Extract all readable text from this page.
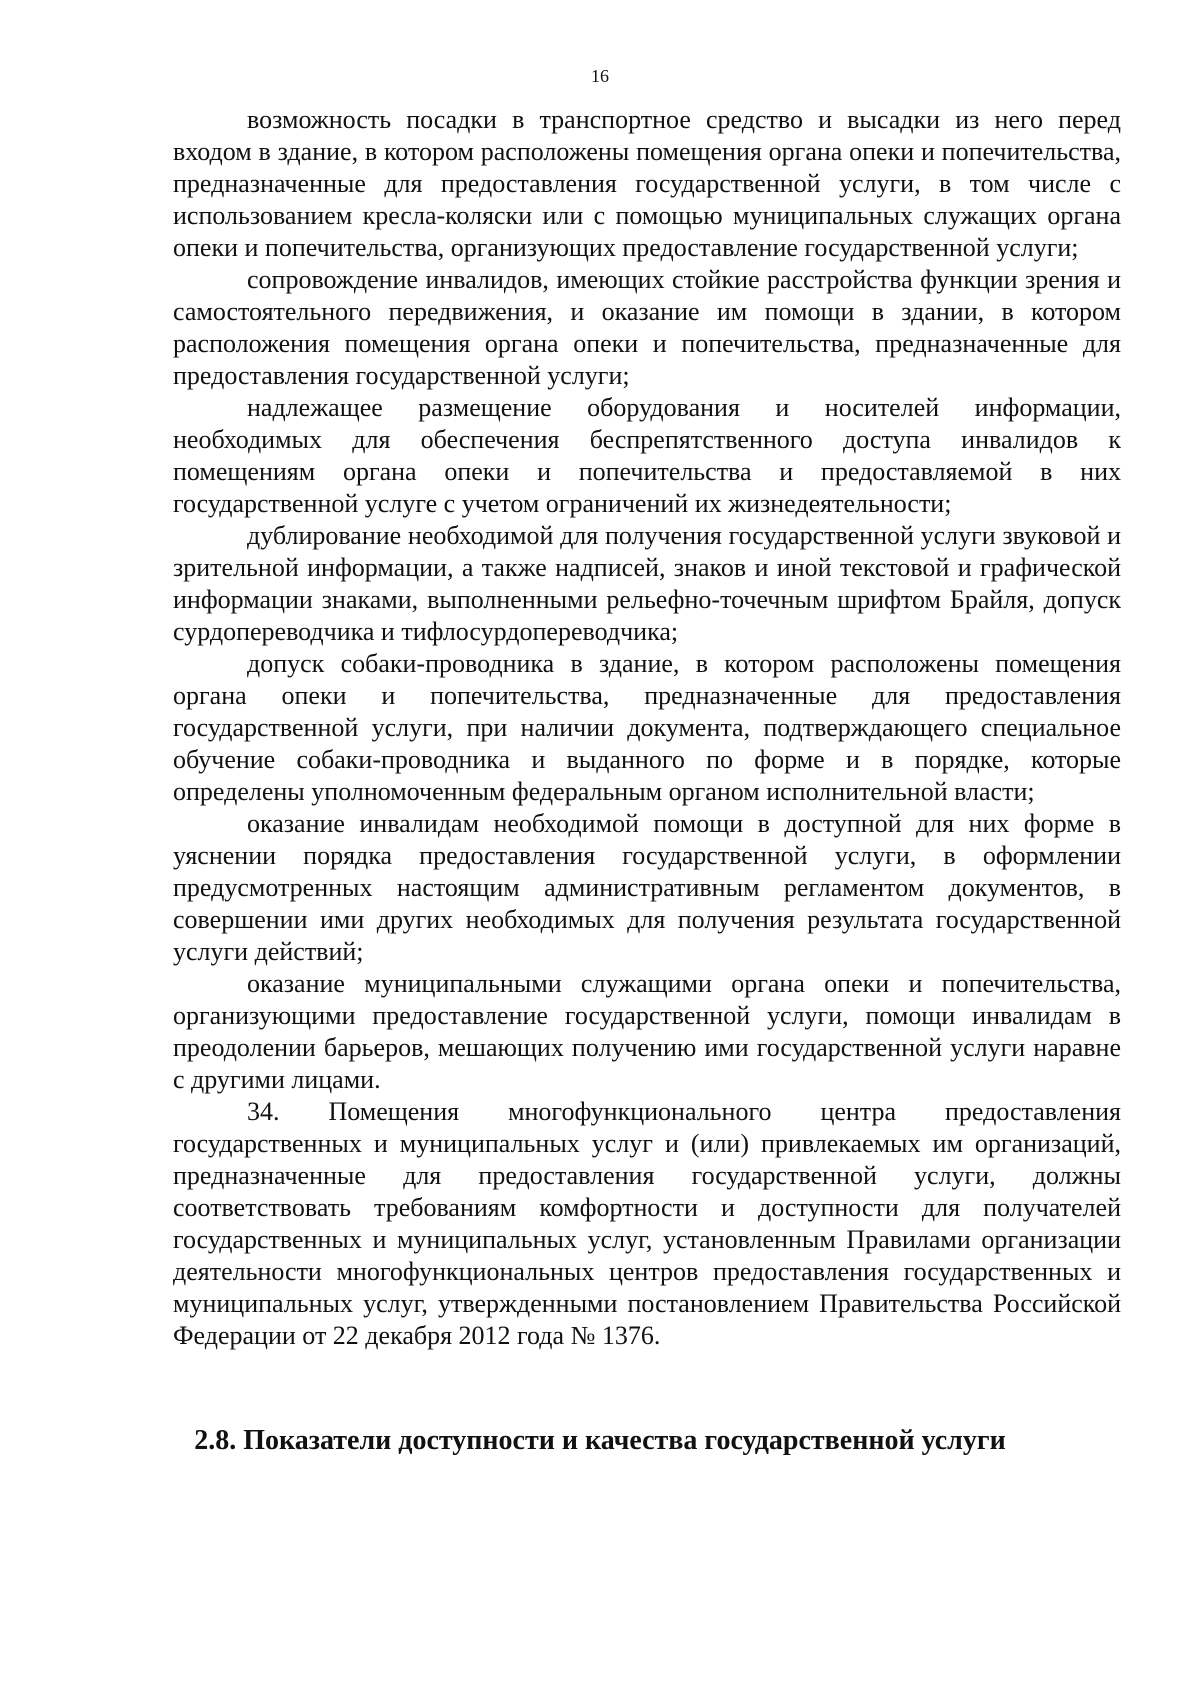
16

возможность посадки в транспортное средство и высадки из него перед входом в здание, в котором расположены помещения органа опеки и попечительства, предназначенные для предоставления государственной услуги, в том числе с использованием кресла-коляски или с помощью муниципальных служащих органа опеки и попечительства, организующих предоставление государственной услуги;

сопровождение инвалидов, имеющих стойкие расстройства функции зрения и самостоятельного передвижения, и оказание им помощи в здании, в котором расположения помещения органа опеки и попечительства, предназначенные для предоставления государственной услуги;

надлежащее размещение оборудования и носителей информации, необходимых для обеспечения беспрепятственного доступа инвалидов к помещениям органа опеки и попечительства и предоставляемой в них государственной услуге с учетом ограничений их жизнедеятельности;

дублирование необходимой для получения государственной услуги звуковой и зрительной информации, а также надписей, знаков и иной текстовой и графической информации знаками, выполненными рельефно-точечным шрифтом Брайля, допуск сурдопереводчика и тифлосурдопереводчика;

допуск собаки-проводника в здание, в котором расположены помещения органа опеки и попечительства, предназначенные для предоставления государственной услуги, при наличии документа, подтверждающего специальное обучение собаки-проводника и выданного по форме и в порядке, которые определены уполномоченным федеральным органом исполнительной власти;

оказание инвалидам необходимой помощи в доступной для них форме в уяснении порядка предоставления государственной услуги, в оформлении предусмотренных настоящим административным регламентом документов, в совершении ими других необходимых для получения результата государственной услуги действий;

оказание муниципальными служащими органа опеки и попечительства, организующими предоставление государственной услуги, помощи инвалидам в преодолении барьеров, мешающих получению ими государственной услуги наравне с другими лицами.

34. Помещения многофункционального центра предоставления государственных и муниципальных услуг и (или) привлекаемых им организаций, предназначенные для предоставления государственной услуги, должны соответствовать требованиям комфортности и доступности для получателей государственных и муниципальных услуг, установленным Правилами организации деятельности многофункциональных центров предоставления государственных и муниципальных услуг, утвержденными постановлением Правительства Российской Федерации от 22 декабря 2012 года № 1376.

2.8. Показатели доступности и качества государственной услуги
